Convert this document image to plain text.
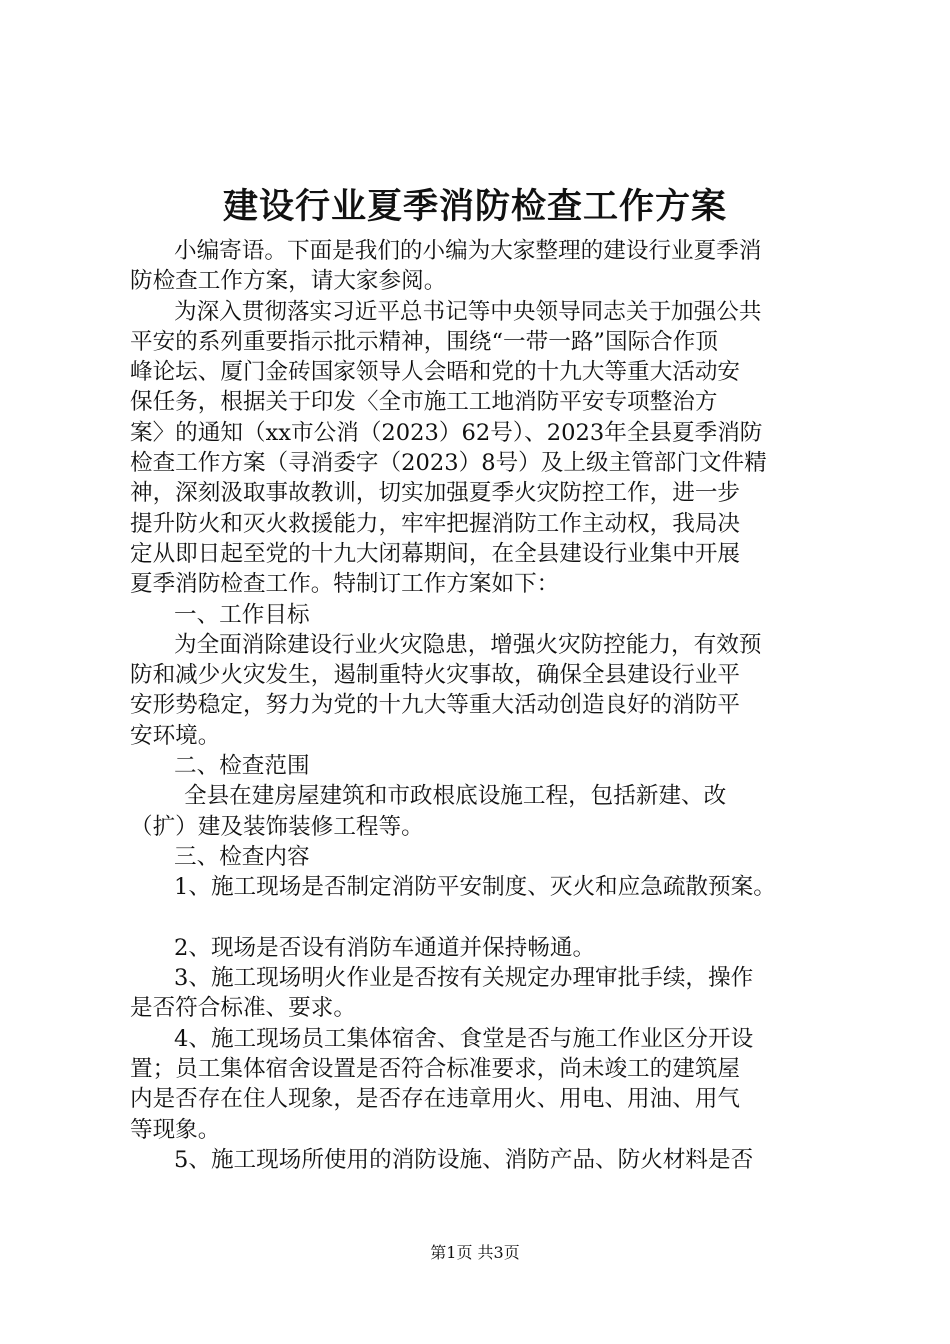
建设行业夏季消防检查工作方案
小编寄语。下面是我们的小编为大家整理的建设行业夏季消
防检查工作方案，请大家参阅。
为深入贯彻落实习近平总书记等中央领导同志关于加强公共
平安的系列重要指示批示精神，围绕“一带一路”国际合作顶
峰论坛、厦门金砖国家领导人会晤和党的十九大等重大活动安
保任务，根据关于印发〈全市施工工地消防平安专项整治方
案〉的通知（xx市公消（2023）62号）、2023年全县夏季消防
检查工作方案（寻消委字（2023）8号）及上级主管部门文件精
神，深刻汲取事故教训，切实加强夏季火灾防控工作，进一步
提升防火和灭火救援能力，牢牢把握消防工作主动权，我局决
定从即日起至党的十九大闭幕期间，在全县建设行业集中开展
夏季消防检查工作。特制订工作方案如下：
一、工作目标
为全面消除建设行业火灾隐患，增强火灾防控能力，有效预
防和减少火灾发生，遏制重特火灾事故，确保全县建设行业平
安形势稳定，努力为党的十九大等重大活动创造良好的消防平
安环境。
二、检查范围
全县在建房屋建筑和市政根底设施工程，包括新建、改
（扩）建及装饰装修工程等。
三、检查内容
1、施工现场是否制定消防平安制度、灭火和应急疏散预案。
2、现场是否设有消防车通道并保持畅通。
3、施工现场明火作业是否按有关规定办理审批手续，操作
是否符合标准、要求。
4、施工现场员工集体宿舍、食堂是否与施工作业区分开设
置；员工集体宿舍设置是否符合标准要求，尚未竣工的建筑屋
内是否存在住人现象，是否存在违章用火、用电、用油、用气
等现象。
5、施工现场所使用的消防设施、消防产品、防火材料是否
第1页 共3页
